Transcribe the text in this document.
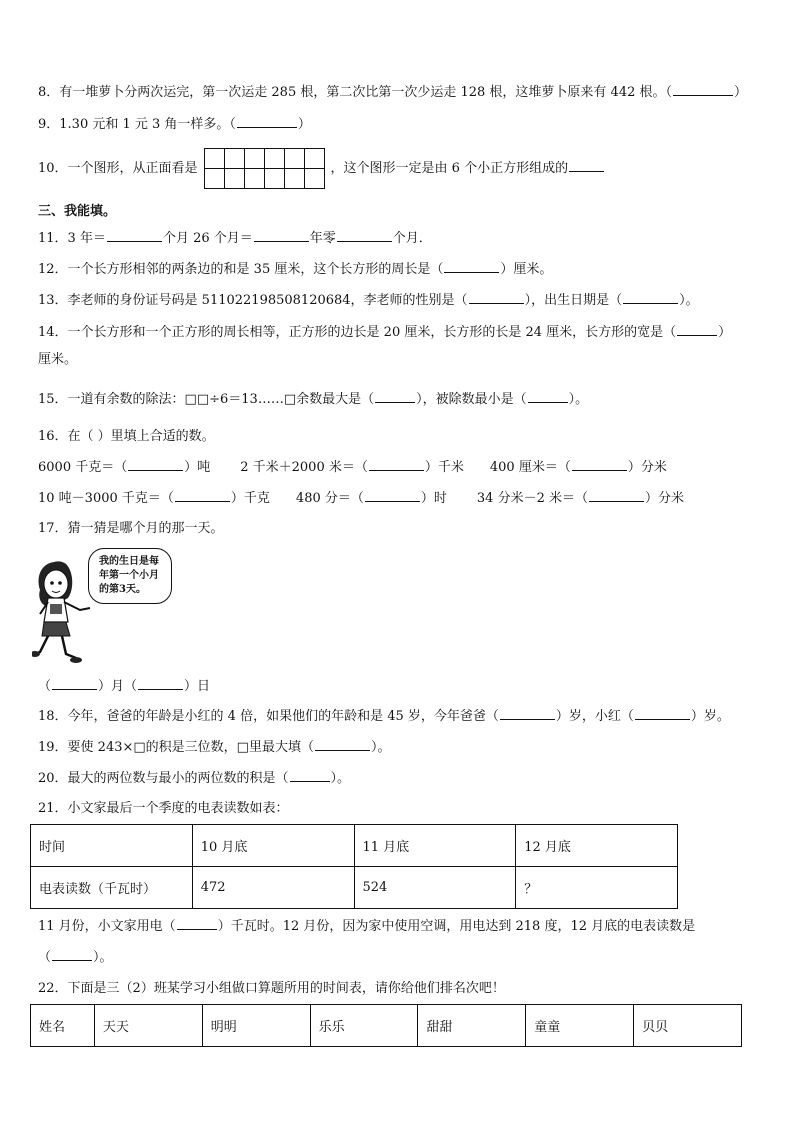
8．有一堆萝卜分两次运完，第一次运走 285 根，第二次比第一次少运走 128 根，这堆萝卜原来有 442 根。（	）
9．1.30 元和 1 元 3 角一样多。（	）
10．一个图形，从正面看是					
						，这个图形一定是由 6 个小正方形组成的
三、我能填。
11．3 年＝	个月 26 个月＝	年零	个月．
12．一个长方形相邻的两条边的和是 35 厘米，这个长方形的周长是（	）厘米。
13．李老师的身份证号码是 511022198508120684，李老师的性别是（	），出生日期是（	）。
14．一个长方形和一个正方形的周长相等，正方形的边长是 20 厘米，长方形的长是 24 厘米，长方形的宽是（	）
厘米。
15．一道有余数的除法：□□÷6＝13……□余数最大是（	），被除数最小是（	）。
16．在（ ）里填上合适的数。
6000 千克＝（	）吨 2 千米＋2000 米＝（	）千米 400 厘米＝（	）分米
10 吨－3000 千克＝（	）千克 480 分＝（	）时 34 分米－2 米＝（	）分米
17．猜一猜是哪个月的那一天。
我的生日是每年第一个小月的第3天。
（	）月（	）日
18．今年，爸爸的年龄是小红的 4 倍，如果他们的年龄和是 45 岁，今年爸爸（	）岁，小红（	）岁。
19．要使 243×□的积是三位数，□里最大填（	）。
20．最大的两位数与最小的两位数的积是（	）。
21．小文家最后一个季度的电表读数如表：
时间	10 月底	11 月底	12 月底
电表读数（千瓦时）	472	524	？
11 月份，小文家用电（	）千瓦时。12 月份，因为家中使用空调，用电达到 218 度，12 月底的电表读数是
（	）。
22．下面是三（2）班某学习小组做口算题所用的时间表，请你给他们排名次吧！
姓名	天天	明明	乐乐	甜甜	童童	贝贝
